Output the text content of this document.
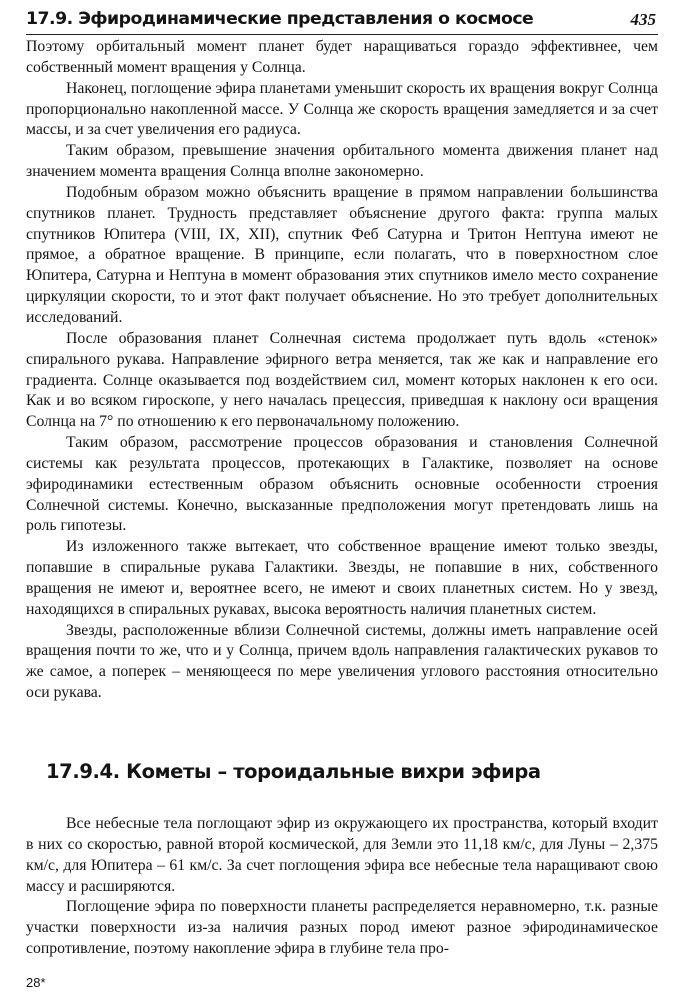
17.9. Эфиродинамические представления о космосе	435

Поэтому орбитальный момент планет будет наращиваться гораздо эффективнее, чем собственный момент вращения у Солнца.

Наконец, поглощение эфира планетами уменьшит скорость их вращения вокруг Солнца пропорционально накопленной массе. У Солнца же скорость вращения замедляется и за счет массы, и за счет увеличения его радиуса.

Таким образом, превышение значения орбитального момента движения планет над значением момента вращения Солнца вполне закономерно.

Подобным образом можно объяснить вращение в прямом направлении большинства спутников планет. Трудность представляет объяснение другого факта: группа малых спутников Юпитера (VIII, IX, XII), спутник Феб Сатурна и Тритон Нептуна имеют не прямое, а обратное вращение. В принципе, если полагать, что в поверхностном слое Юпитера, Сатурна и Нептуна в момент образования этих спутников имело место сохранение циркуляции скорости, то и этот факт получает объяснение. Но это требует дополнительных исследований.

После образования планет Солнечная система продолжает путь вдоль «стенок» спирального рукава. Направление эфирного ветра меняется, так же как и направление его градиента. Солнце оказывается под воздействием сил, момент которых наклонен к его оси. Как и во всяком гироскопе, у него началась прецессия, приведшая к наклону оси вращения Солнца на 7° по отношению к его первоначальному положению.

Таким образом, рассмотрение процессов образования и становления Солнечной системы как результата процессов, протекающих в Галактике, позволяет на основе эфиродинамики естественным образом объяснить основные особенности строения Солнечной системы. Конечно, высказанные предположения могут претендовать лишь на роль гипотезы.

Из изложенного также вытекает, что собственное вращение имеют только звезды, попавшие в спиральные рукава Галактики. Звезды, не попавшие в них, собственного вращения не имеют и, вероятнее всего, не имеют и своих планетных систем. Но у звезд, находящихся в спиральных рукавах, высока вероятность наличия планетных систем.

Звезды, расположенные вблизи Солнечной системы, должны иметь направление осей вращения почти то же, что и у Солнца, причем вдоль направления галактических рукавов то же самое, а поперек – меняющееся по мере увеличения углового расстояния относительно оси рукава.

17.9.4. Кометы – тороидальные вихри эфира

Все небесные тела поглощают эфир из окружающего их пространства, который входит в них со скоростью, равной второй космической, для Земли это 11,18 км/с, для Луны – 2,375 км/с, для Юпитера – 61 км/с. За счет поглощения эфира все небесные тела наращивают свою массу и расширяются.

Поглощение эфира по поверхности планеты распределяется неравномерно, т.к. разные участки поверхности из-за наличия разных пород имеют разное эфиродинамическое сопротивление, поэтому накопление эфира в глубине тела про-

28*
